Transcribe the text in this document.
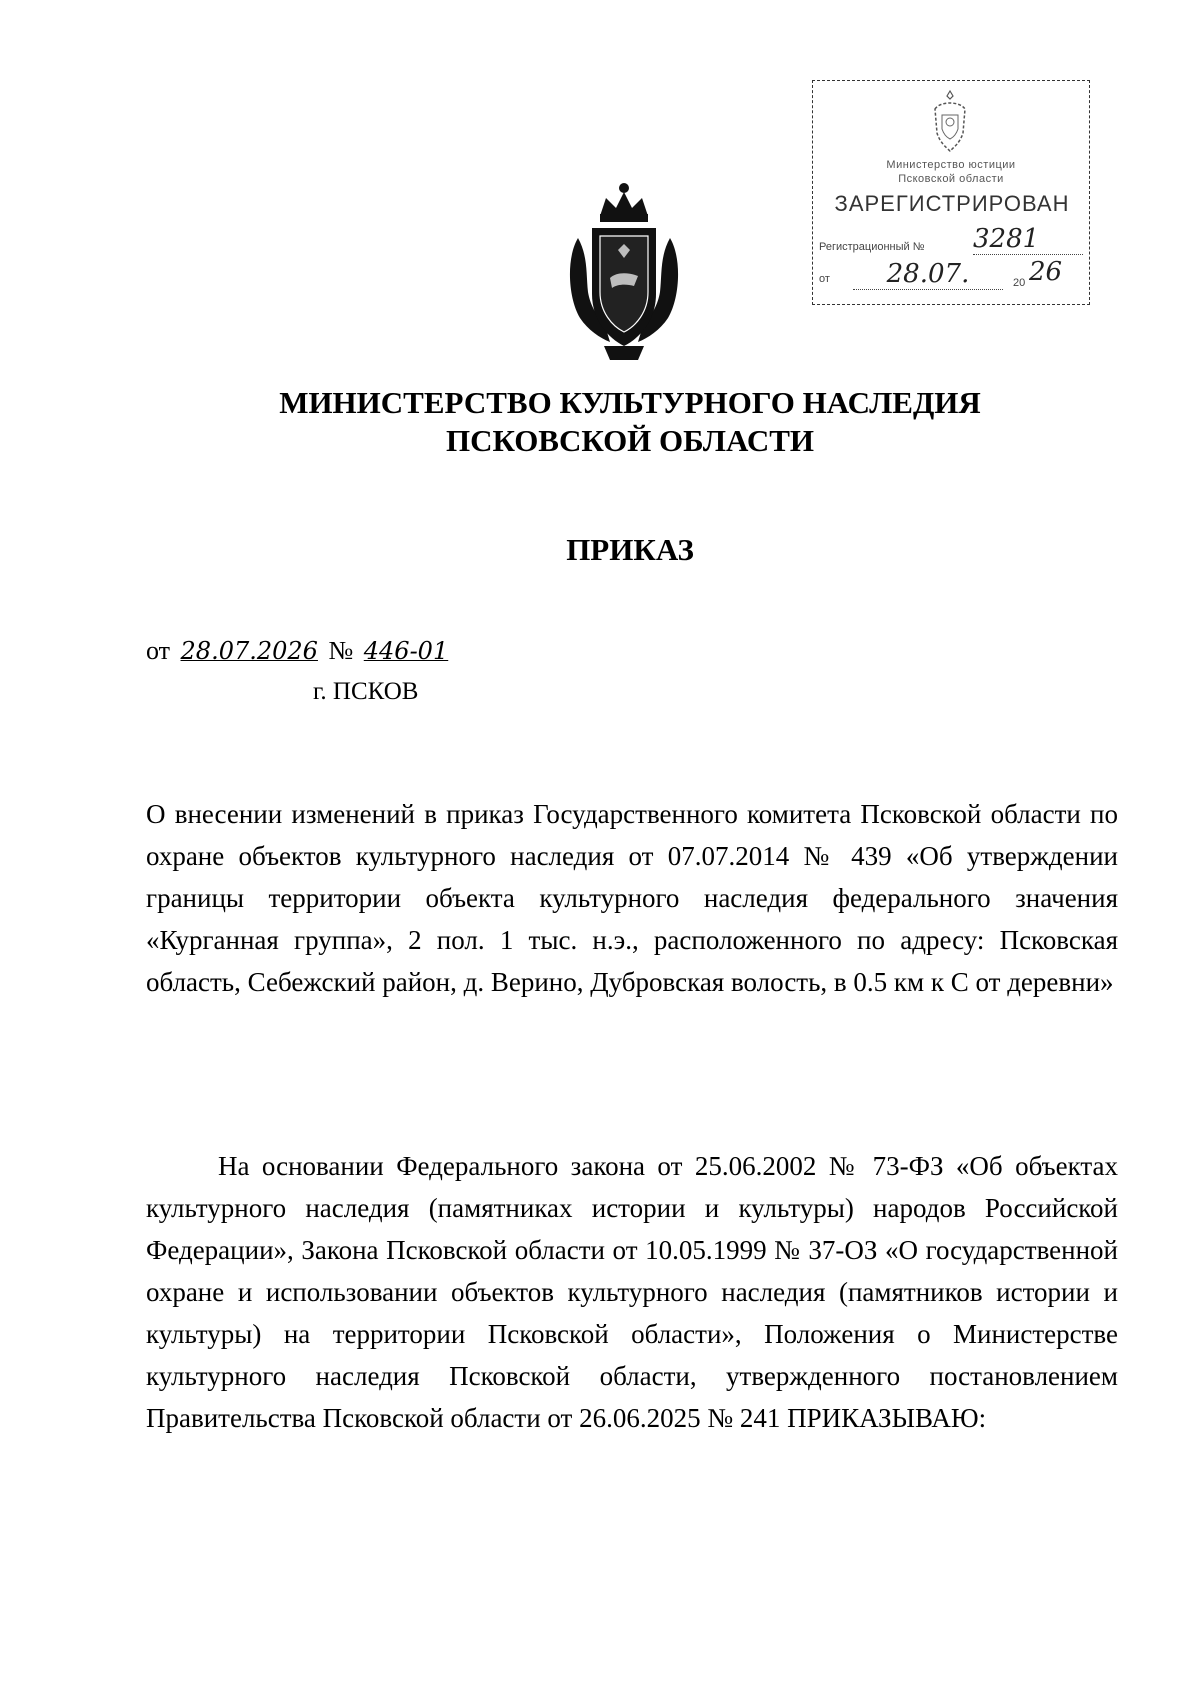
Министерство юстиции
Псковской области
ЗАРЕГИСТРИРОВАН
Регистрационный № 3281
от	28.07.	20 26
МИНИСТЕРСТВО КУЛЬТУРНОГО НАСЛЕДИЯ
ПСКОВСКОЙ ОБЛАСТИ
ПРИКАЗ
от 28.07.2026 № 446-01
г. ПСКОВ
О внесении изменений в приказ Государственного комитета Псковской области по охране объектов культурного наследия от 07.07.2014 № 439 «Об утверждении границы территории объекта культурного наследия федерального значения «Курганная группа», 2 пол. 1 тыс. н.э., расположенного по адресу: Псковская область, Себежский район, д. Верино, Дубровская волость, в 0.5 км к С от деревни»
На основании Федерального закона от 25.06.2002 № 73-ФЗ «Об объектах культурного наследия (памятниках истории и культуры) народов Российской Федерации», Закона Псковской области от 10.05.1999 № 37-ОЗ «О государственной охране и использовании объектов культурного наследия (памятников истории и культуры) на территории Псковской области», Положения о Министерстве культурного наследия Псковской области, утвержденного постановлением Правительства Псковской области от 26.06.2025 № 241 ПРИКАЗЫВАЮ:
